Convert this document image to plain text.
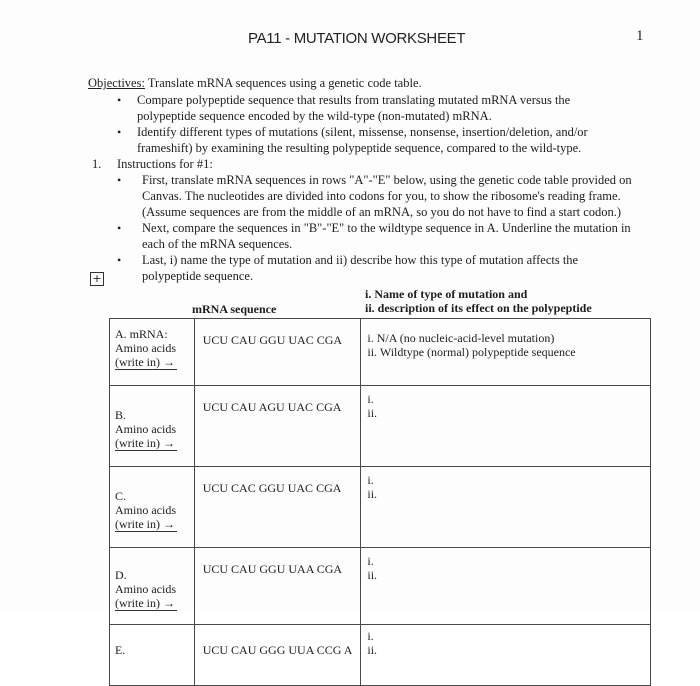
PA11 - MUTATION WORKSHEET	1
Objectives: Translate mRNA sequences using a genetic code table.
• Compare polypeptide sequence that results from translating mutated mRNA versus the
polypeptide sequence encoded by the wild-type (non-mutated) mRNA.
• Identify different types of mutations (silent, missense, nonsense, insertion/deletion, and/or
frameshift) by examining the resulting polypeptide sequence, compared to the wild-type.
1. Instructions for #1:
• First, translate mRNA sequences in rows "A"-"E" below, using the genetic code table provided on
Canvas. The nucleotides are divided into codons for you, to show the ribosome's reading frame.
(Assume sequences are from the middle of an mRNA, so you do not have to find a start codon.)
• Next, compare the sequences in "B"-"E" to the wildtype sequence in A. Underline the mutation in
each of the mRNA sequences.
• Last, i) name the type of mutation and ii) describe how this type of mutation affects the
polypeptide sequence.
+
mRNA sequence
i. Name of type of mutation and
ii. description of its effect on the polypeptide
A. mRNA:
Amino acids
(write in) →	UCU CAU GGU UAC CGA	i. N/A (no nucleic-acid-level mutation)
ii. Wildtype (normal) polypeptide sequence

B.
Amino acids
(write in) →	UCU CAU AGU UAC CGA	i.
ii.

C.
Amino acids
(write in) →	UCU CAC GGU UAC CGA	i.
ii.

D.
Amino acids
(write in) →	UCU CAU GGU UAA CGA	i.
ii.

E.	UCU CAU GGG UUA CCG A	i.
ii.
